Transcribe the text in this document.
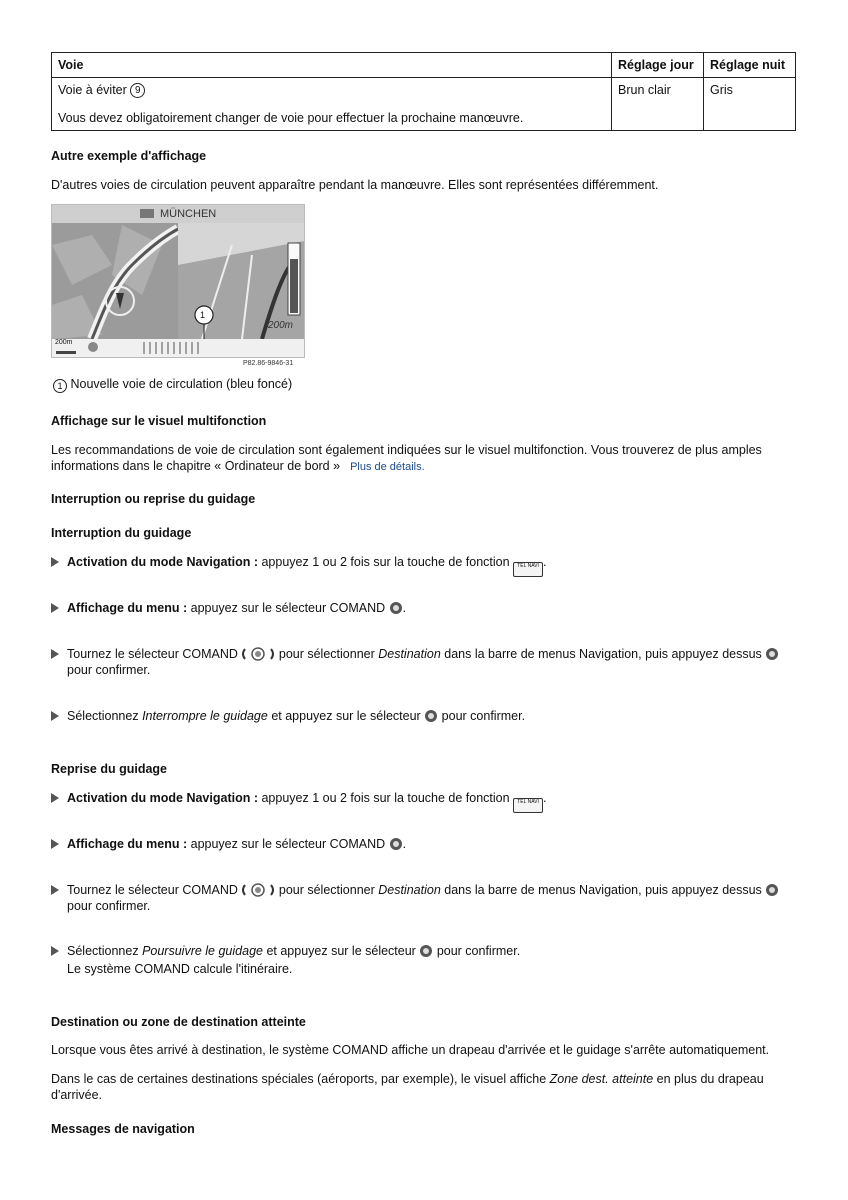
Voie	Réglage jour	Réglage nuit
Voie à éviter 9
Vous devez obligatoirement changer de voie pour effectuer la prochaine manœuvre.	Brun clair	Gris
Autre exemple d'affichage
D'autres voies de circulation peuvent apparaître pendant la manœuvre. Elles sont représentées différemment.
MÜNCHEN
200m
200m
1
P82.86-9846-31
1 Nouvelle voie de circulation (bleu foncé)
Affichage sur le visuel multifonction
Les recommandations de voie de circulation sont également indiquées sur le visuel multifonction. Vous trouverez de plus amples informations dans le chapitre « Ordinateur de bord » Plus de détails.
Interruption ou reprise du guidage
Interruption du guidage
Activation du mode Navigation : appuyez 1 ou 2 fois sur la touche de fonction TEL NAVI .
Affichage du menu : appuyez sur le sélecteur COMAND .
Tournez le sélecteur COMAND	pour sélectionner Destination dans la barre de menus Navigation, puis appuyez dessus
pour confirmer.
Sélectionnez Interrompre le guidage et appuyez sur le sélecteur  pour confirmer.
Reprise du guidage
Activation du mode Navigation : appuyez 1 ou 2 fois sur la touche de fonction TEL NAVI .
Affichage du menu : appuyez sur le sélecteur COMAND .
Tournez le sélecteur COMAND	pour sélectionner Destination dans la barre de menus Navigation, puis appuyez dessus
pour confirmer.
Sélectionnez Poursuivre le guidage et appuyez sur le sélecteur  pour confirmer.
Le système COMAND calcule l'itinéraire.
Destination ou zone de destination atteinte
Lorsque vous êtes arrivé à destination, le système COMAND affiche un drapeau d'arrivée et le guidage s'arrête automatiquement.
Dans le cas de certaines destinations spéciales (aéroports, par exemple), le visuel affiche Zone dest. atteinte en plus du drapeau
d'arrivée.
Messages de navigation
